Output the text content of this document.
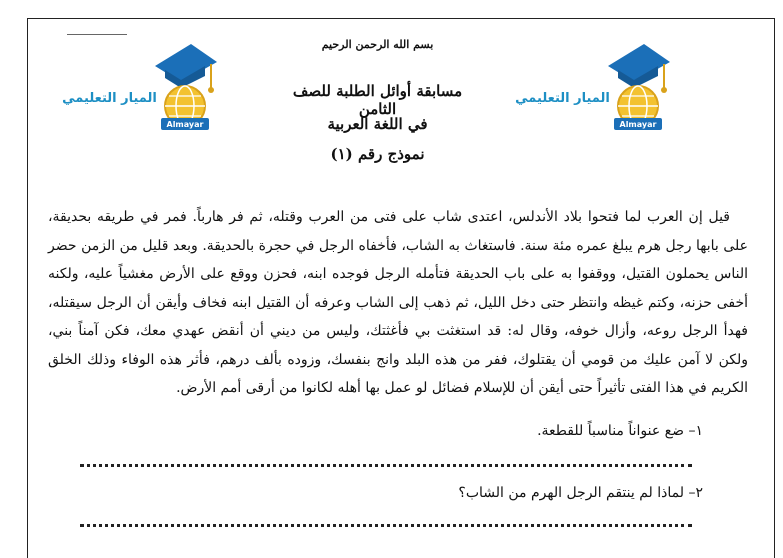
الميار التعليمي
Almayar
الميار التعليمي
Almayar
بسم الله الرحمن الرحيم
مسابقة أوائل الطلبة للصف الثامن
في اللغة العربية
نموذج رقم (١)
قيل إن العرب لما فتحوا بلاد الأندلس، اعتدى شاب على فتى من العرب وقتله، ثم فر هارباً. فمر في طريقه بحديقة، على بابها رجل هرم يبلغ عمره مئة سنة. فاستغاث به الشاب، فأخفاه الرجل في حجرة بالحديقة. وبعد قليل من الزمن حضر الناس يحملون القتيل، ووقفوا به على باب الحديقة فتأمله الرجل فوجده ابنه، فحزن ووقع على الأرض مغشياً عليه، ولكنه أخفى حزنه، وكتم غيظه وانتظر حتى دخل الليل، ثم ذهب إلى الشاب وعرفه أن القتيل ابنه فخاف وأيقن أن الرجل سيقتله، فهدأ الرجل روعه، وأزال خوفه، وقال له: قد استغثت بي فأغثتك، وليس من ديني أن أنقض عهدي معك، فكن آمناً بني، ولكن لا آمن عليك من قومي أن يقتلوك، ففر من هذه البلد وانج بنفسك، وزوده بألف درهم، فأثر هذه الوفاء وذلك الخلق الكريم في هذا الفتى تأثيراً حتى أيقن أن للإسلام فضائل لو عمل بها أهله لكانوا من أرقى أمم الأرض.
١– ضع عنواناً مناسباً للقطعة.
٢– لماذا لم ينتقم الرجل الهرم من الشاب؟
